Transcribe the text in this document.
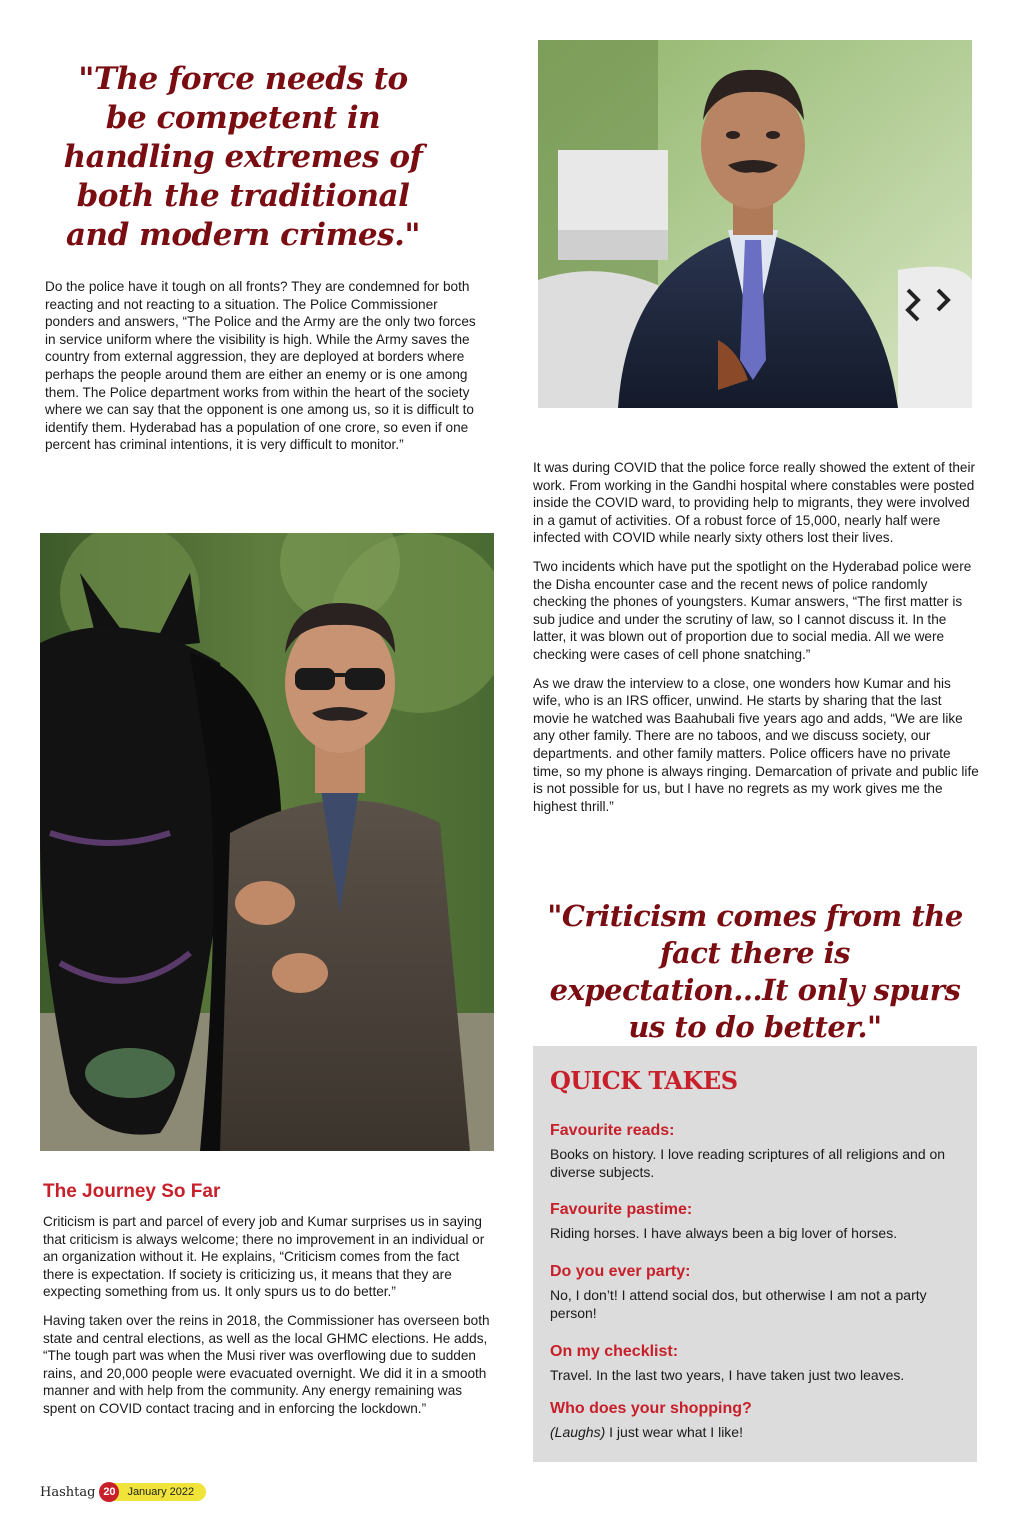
"The force needs to be competent in handling extremes of both the traditional and modern crimes."

Do the police have it tough on all fronts? They are condemned for both reacting and not reacting to a situation. The Police Commissioner ponders and answers, “The Police and the Army are the only two forces in service uniform where the visibility is high. While the Army saves the country from external aggression, they are deployed at borders where perhaps the people around them are either an enemy or is one among them. The Police department works from within the heart of the society where we can say that the opponent is one among us, so it is difficult to identify them. Hyderabad has a population of one crore, so even if one percent has criminal intentions, it is very difficult to monitor.”

The Journey So Far

Criticism is part and parcel of every job and Kumar surprises us in saying that criticism is always welcome; there no improvement in an individual or an organization without it. He explains, “Criticism comes from the fact there is expectation. If society is criticizing us, it means that they are expecting something from us. It only spurs us to do better.”

Having taken over the reins in 2018, the Commissioner has overseen both state and central elections, as well as the local GHMC elections. He adds, “The tough part was when the Musi river was overflowing due to sudden rains, and 20,000 people were evacuated overnight. We did it in a smooth manner and with help from the community. Any energy remaining was spent on COVID contact tracing and in enforcing the lockdown.”

It was during COVID that the police force really showed the extent of their work. From working in the Gandhi hospital where constables were posted inside the COVID ward, to providing help to migrants, they were involved in a gamut of activities. Of a robust force of 15,000, nearly half were infected with COVID while nearly sixty others lost their lives.

Two incidents which have put the spotlight on the Hyderabad police were the Disha encounter case and the recent news of police randomly checking the phones of youngsters. Kumar answers, “The first matter is sub judice and under the scrutiny of law, so I cannot discuss it. In the latter, it was blown out of proportion due to social media. All we were checking were cases of cell phone snatching.”

As we draw the interview to a close, one wonders how Kumar and his wife, who is an IRS officer, unwind. He starts by sharing that the last movie he watched was Baahubali five years ago and adds, “We are like any other family. There are no taboos, and we discuss society, our departments. and other family matters. Police officers have no private time, so my phone is always ringing. Demarcation of private and public life is not possible for us, but I have no regrets as my work gives me the highest thrill.”

"Criticism comes from the fact there is expectation...It only spurs us to do better."

QUICK TAKES

Favourite reads:

Books on history. I love reading scriptures of all religions and on diverse subjects.

Favourite pastime:

Riding horses. I have always been a big lover of horses.

Do you ever party:

No, I don’t! I attend social dos, but otherwise I am not a party person!

On my checklist:

Travel. In the last two years, I have taken just two leaves.

Who does your shopping?

(Laughs) I just wear what I like!

Hashtag 20	January 2022
